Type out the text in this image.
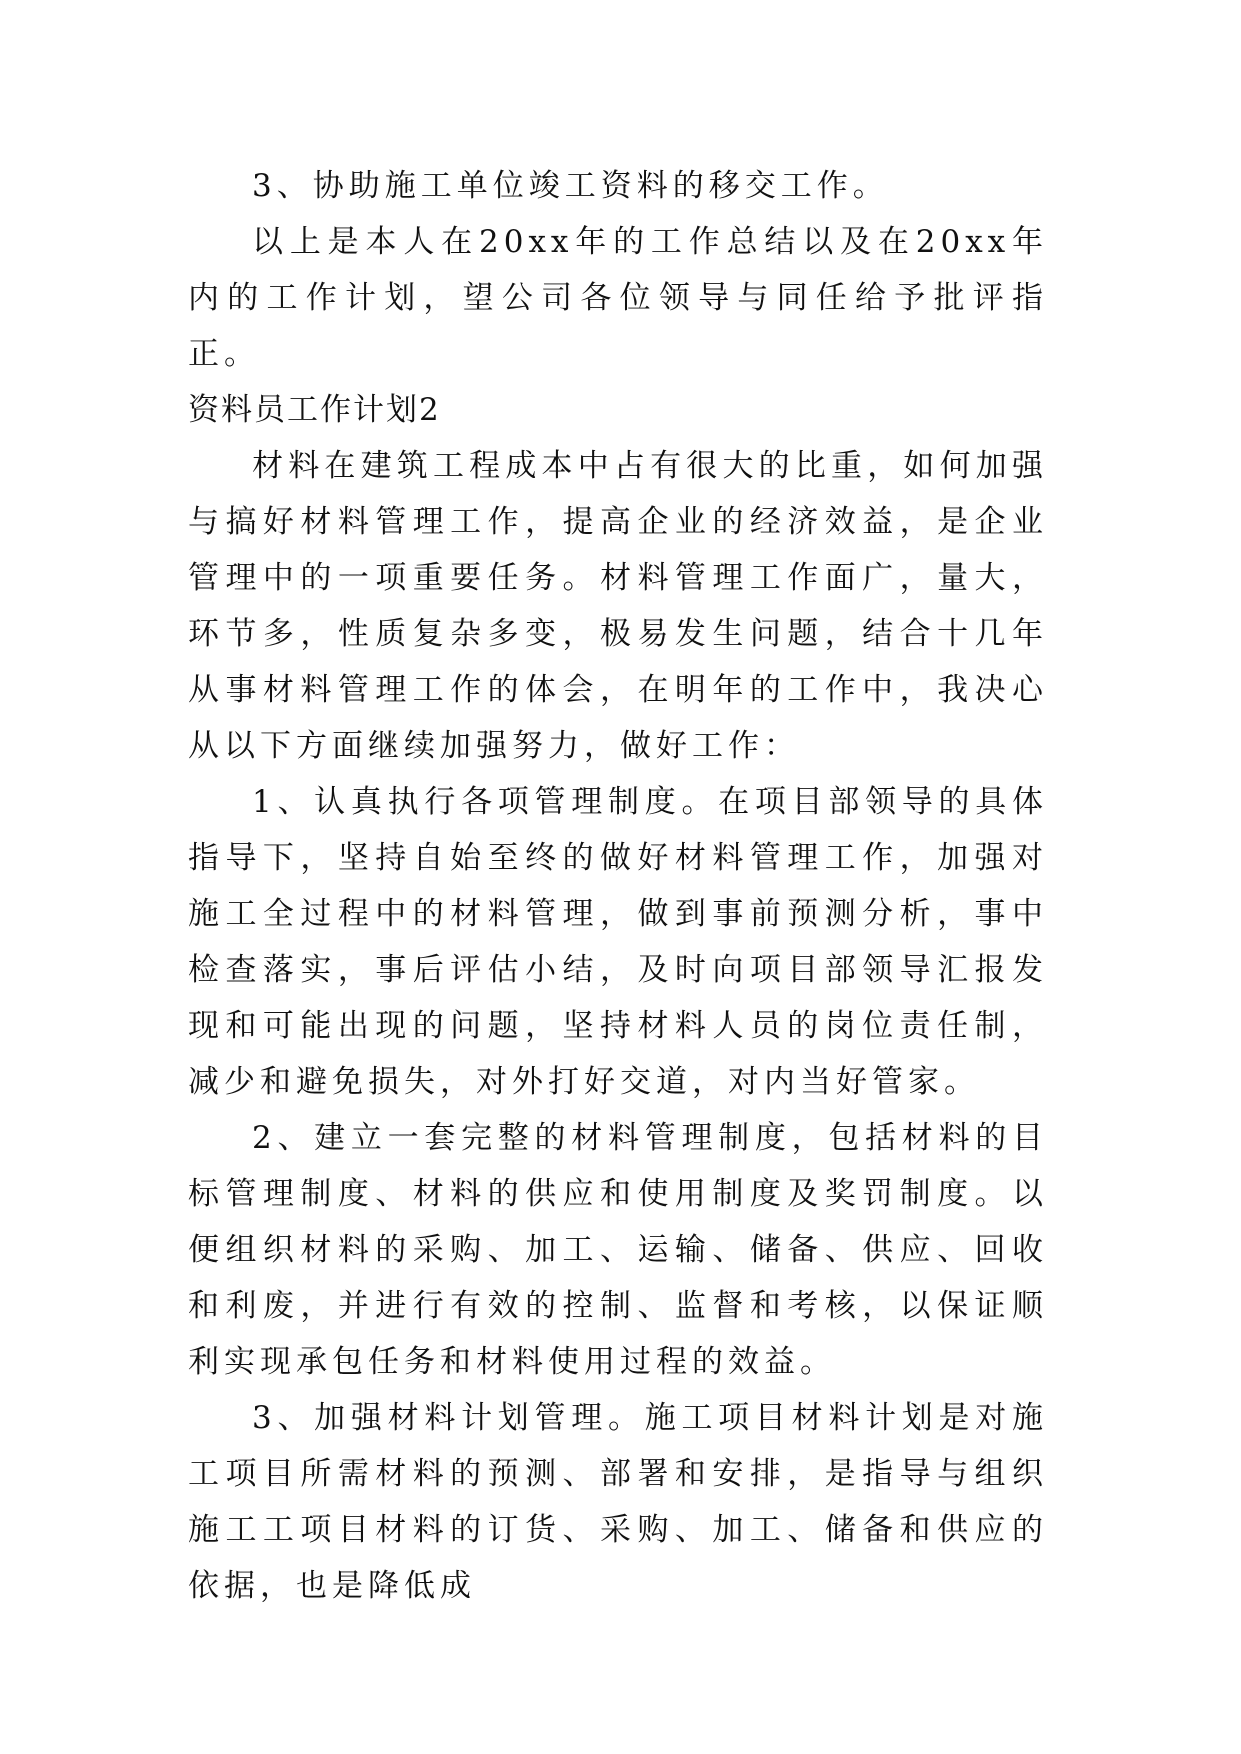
3、协助施工单位竣工资料的移交工作。

以上是本人在20xx年的工作总结以及在20xx年内的工作计划，望公司各位领导与同任给予批评指正。

资料员工作计划2

材料在建筑工程成本中占有很大的比重，如何加强与搞好材料管理工作，提高企业的经济效益，是企业管理中的一项重要任务。材料管理工作面广，量大，环节多，性质复杂多变，极易发生问题，结合十几年从事材料管理工作的体会，在明年的工作中，我决心从以下方面继续加强努力，做好工作：

1、认真执行各项管理制度。在项目部领导的具体指导下，坚持自始至终的做好材料管理工作，加强对施工全过程中的材料管理，做到事前预测分析，事中检查落实，事后评估小结，及时向项目部领导汇报发现和可能出现的问题，坚持材料人员的岗位责任制，减少和避免损失，对外打好交道，对内当好管家。

2、建立一套完整的材料管理制度，包括材料的目标管理制度、材料的供应和使用制度及奖罚制度。以便组织材料的采购、加工、运输、储备、供应、回收和利废，并进行有效的控制、监督和考核，以保证顺利实现承包任务和材料使用过程的效益。

3、加强材料计划管理。施工项目材料计划是对施工项目所需材料的预测、部署和安排，是指导与组织施工工项目材料的订货、采购、加工、储备和供应的依据，也是降低成
